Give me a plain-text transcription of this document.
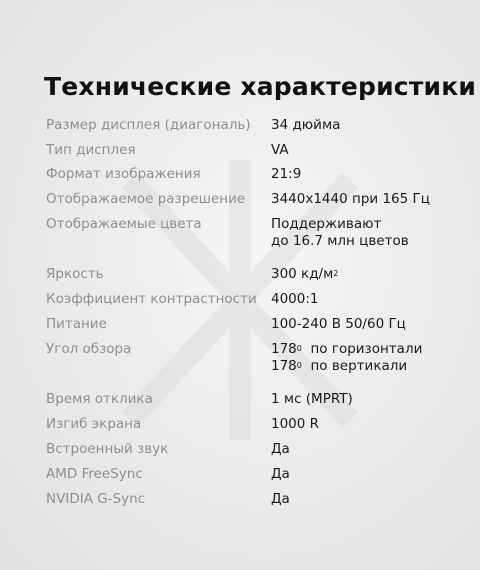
Технические характеристики
Размер дисплея (диагональ) 34 дюйма
Тип дисплея	VA
Формат изображения	21:9
Отображаемое разрешение 3440x1440 при 165 Гц
Отображаемые цвета	Поддерживают
до 16.7 млн цветов
Яркость	300 $кд/м^2$
Коэффициент контрастности 4000:1
Питание	100-240 В 50/60 Гц
Угол обзора	$178^0$ по горизонтали
$178^0$ по вертикали
Время отклика	1 мс (MPRT)
Изгиб экрана	1000 R
Встроенный звук	Да
AMD FreeSync	Да
NVIDIA G-Sync	Да
